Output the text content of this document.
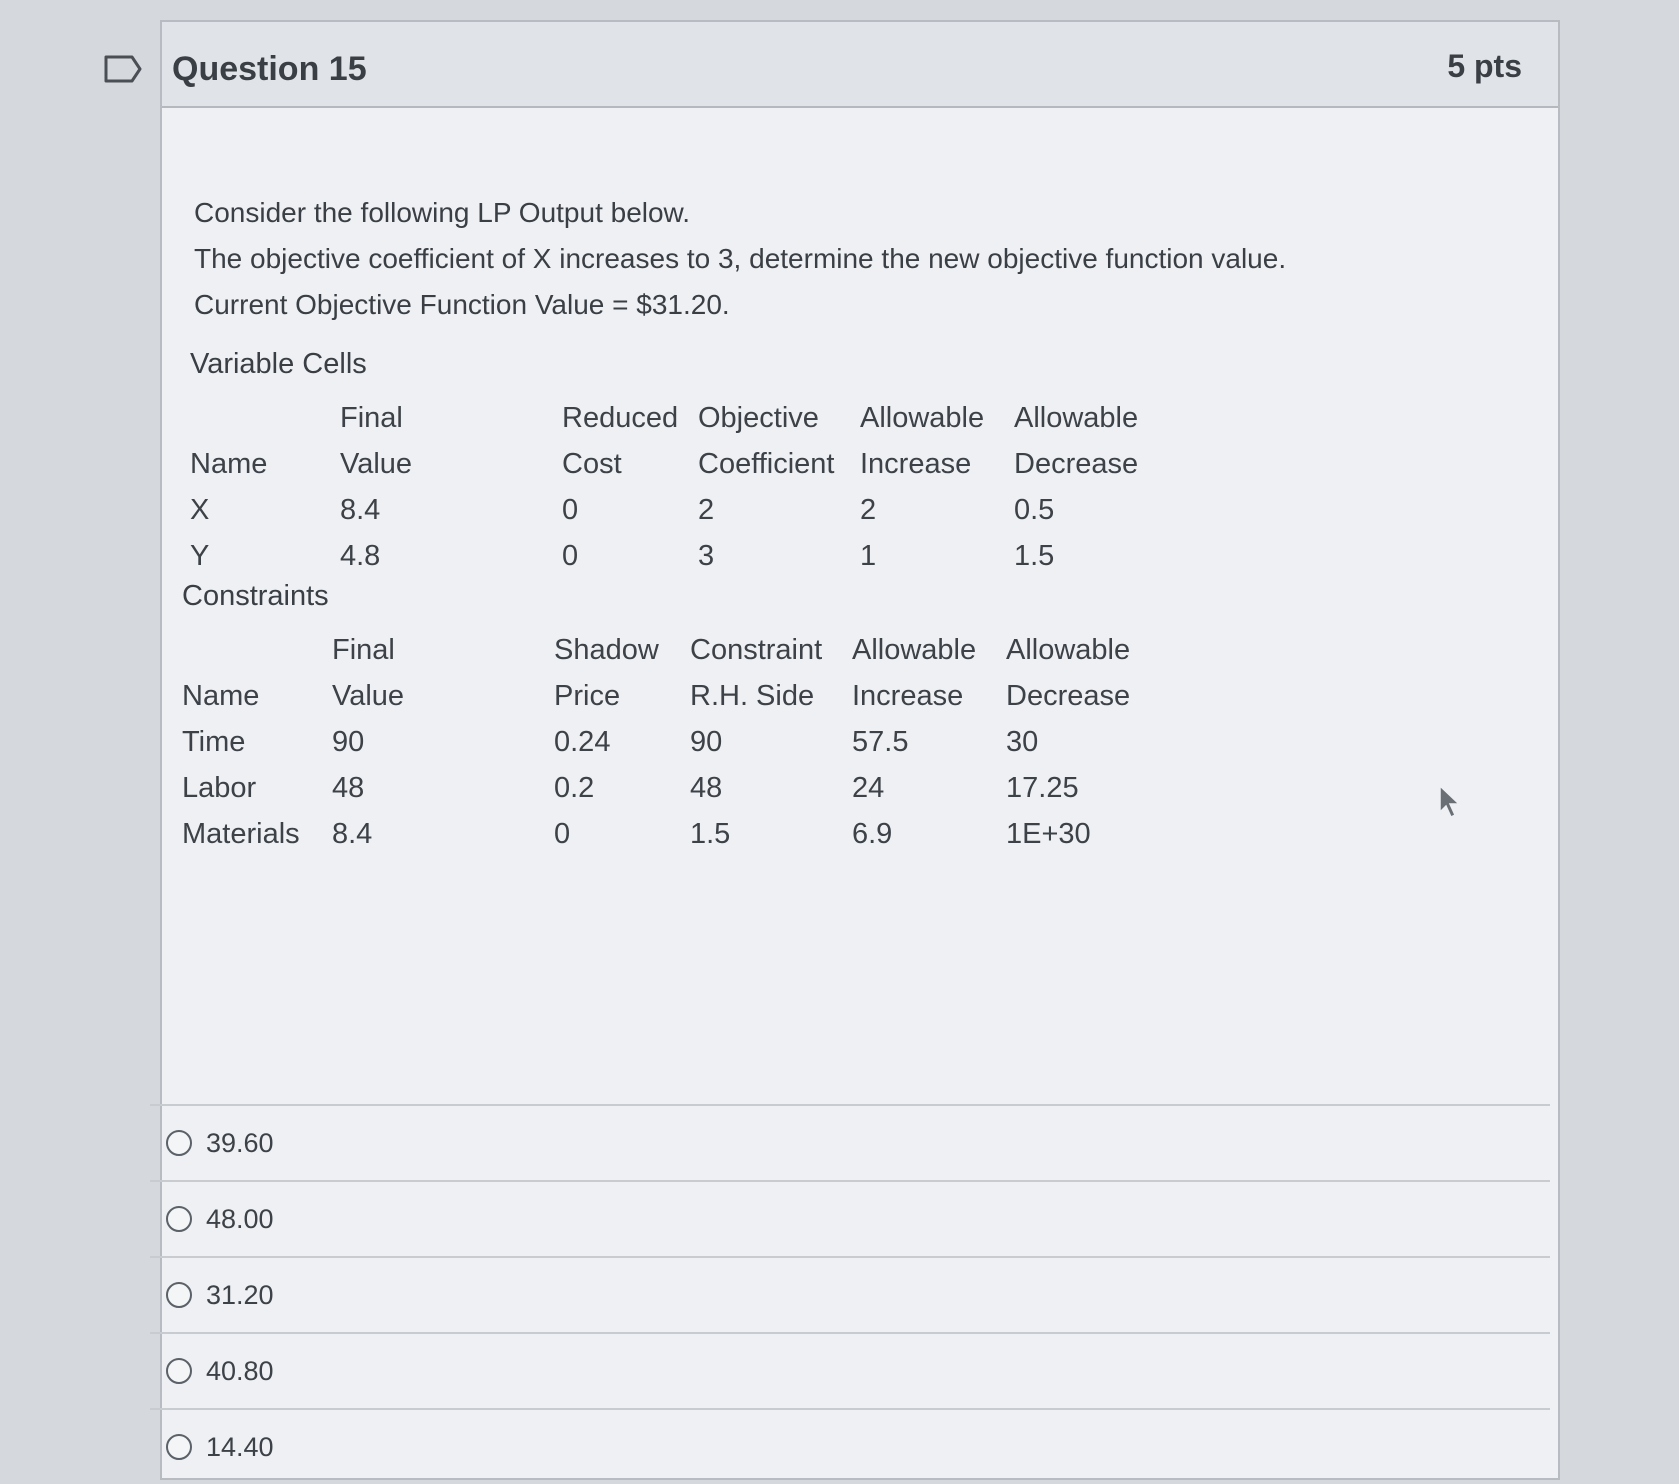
Question 15	5 pts
Consider the following LP Output below.
The objective coefficient of X increases to 3, determine the new objective function value.
Current Objective Function Value = $31.20.
Variable Cells
	Final	Reduced	Objective	Allowable	Allowable
Name	Value	Cost	Coefficient	Increase	Decrease
X	8.4	0	2	2	0.5
Y	4.8	0	3	1	1.5
Constraints
	Final	Shadow	Constraint	Allowable	Allowable
Name	Value	Price	R.H. Side	Increase	Decrease
Time	90	0.24	90	57.5	30
Labor	48	0.2	48	24	17.25
Materials	8.4	0	1.5	6.9	1E+30
39.60
48.00
31.20
40.80
14.40
